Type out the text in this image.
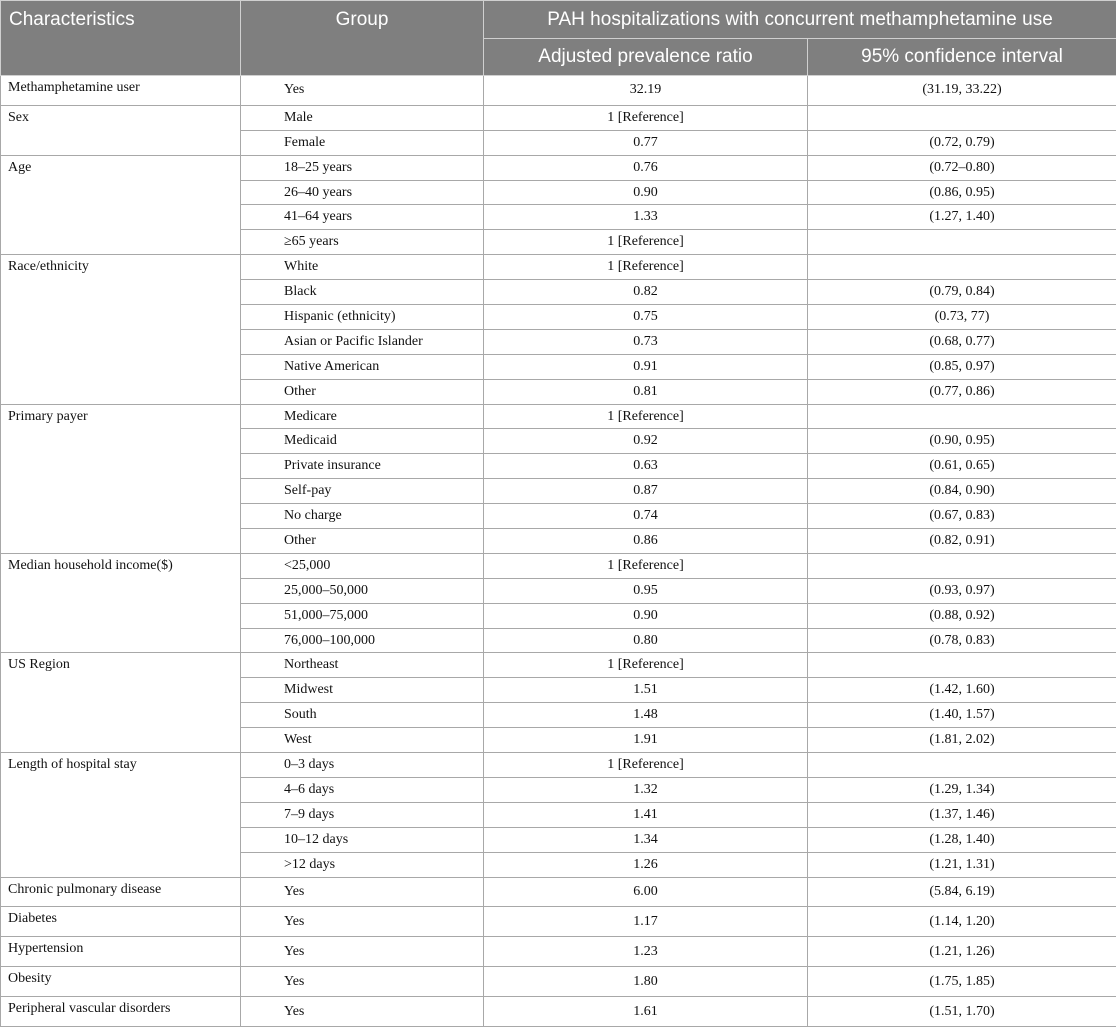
Characteristics	Group	PAH hospitalizations with concurrent methamphetamine use	
		Adjusted prevalence ratio	95% confidence interval
Methamphetamine user	Yes	32.19	(31.19, 33.22)
Sex	Male	1 [Reference]	
	Female	0.77	(0.72, 0.79)
Age	18–25 years	0.76	(0.72–0.80)
	26–40 years	0.90	(0.86, 0.95)
	41–64 years	1.33	(1.27, 1.40)
	≥65 years	1 [Reference]	
Race/ethnicity	White	1 [Reference]	
	Black	0.82	(0.79, 0.84)
	Hispanic (ethnicity)	0.75	(0.73, 77)
	Asian or Pacific Islander	0.73	(0.68, 0.77)
	Native American	0.91	(0.85, 0.97)
	Other	0.81	(0.77, 0.86)
Primary payer	Medicare	1 [Reference]	
	Medicaid	0.92	(0.90, 0.95)
	Private insurance	0.63	(0.61, 0.65)
	Self-pay	0.87	(0.84, 0.90)
	No charge	0.74	(0.67, 0.83)
	Other	0.86	(0.82, 0.91)
Median household income($)	<25,000	1 [Reference]	
	25,000–50,000	0.95	(0.93, 0.97)
	51,000–75,000	0.90	(0.88, 0.92)
	76,000–100,000	0.80	(0.78, 0.83)
US Region	Northeast	1 [Reference]	
	Midwest	1.51	(1.42, 1.60)
	South	1.48	(1.40, 1.57)
	West	1.91	(1.81, 2.02)
Length of hospital stay	0–3 days	1 [Reference]	
	4–6 days	1.32	(1.29, 1.34)
	7–9 days	1.41	(1.37, 1.46)
	10–12 days	1.34	(1.28, 1.40)
	>12 days	1.26	(1.21, 1.31)
Chronic pulmonary disease	Yes	6.00	(5.84, 6.19)
Diabetes	Yes	1.17	(1.14, 1.20)
Hypertension	Yes	1.23	(1.21, 1.26)
Obesity	Yes	1.80	(1.75, 1.85)
Peripheral vascular disorders	Yes	1.61	(1.51, 1.70)
